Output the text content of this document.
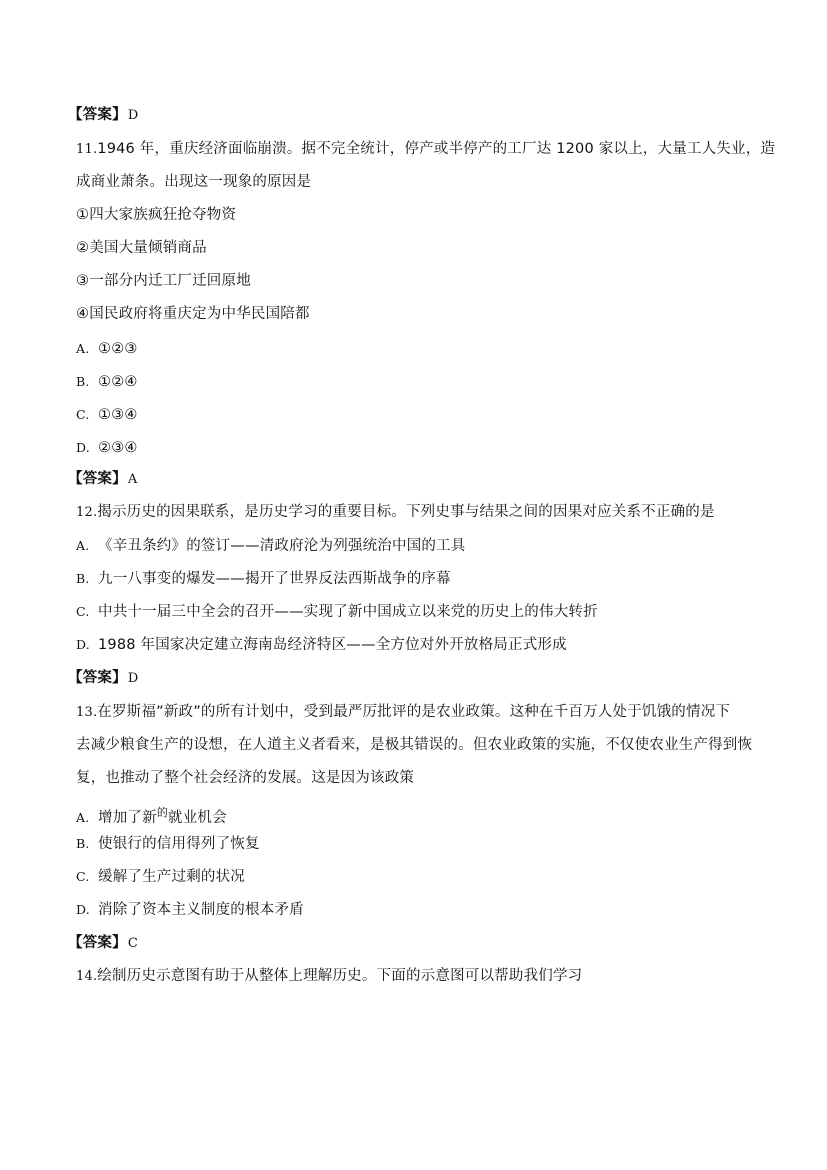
【答案】D
11.1946 年，重庆经济面临崩溃。据不完全统计，停产或半停产的工厂达 1200 家以上，大量工人失业，造
成商业萧条。出现这一现象的原因是
①四大家族疯狂抢夺物资
②美国大量倾销商品
③一部分内迁工厂迁回原地
④国民政府将重庆定为中华民国陪都
A. ①②③
B. ①②④
C. ①③④
D. ②③④
【答案】A
12.揭示历史的因果联系，是历史学习的重要目标。下列史事与结果之间的因果对应关系不正确的是
A. 《辛丑条约》的签订——清政府沦为列强统治中国的工具
B. 九一八事变的爆发——揭开了世界反法西斯战争的序幕
C. 中共十一届三中全会的召开——实现了新中国成立以来党的历史上的伟大转折
D. 1988 年国家决定建立海南岛经济特区——全方位对外开放格局正式形成
【答案】D
13.在罗斯福”新政”的所有计划中，受到最严厉批评的是农业政策。这种在千百万人处于饥饿的情况下
去减少粮食生产的设想，在人道主义者看来，是极其错误的。但农业政策的实施，不仅使农业生产得到恢
复，也推动了整个社会经济的发展。这是因为该政策
A. 增加了新$^的$就业机会
B. 使银行的信用得列了恢复
C. 缓解了生产过剩的状况
D. 消除了资本主义制度的根本矛盾
【答案】C
14.绘制历史示意图有助于从整体上理解历史。下面的示意图可以帮助我们学习
